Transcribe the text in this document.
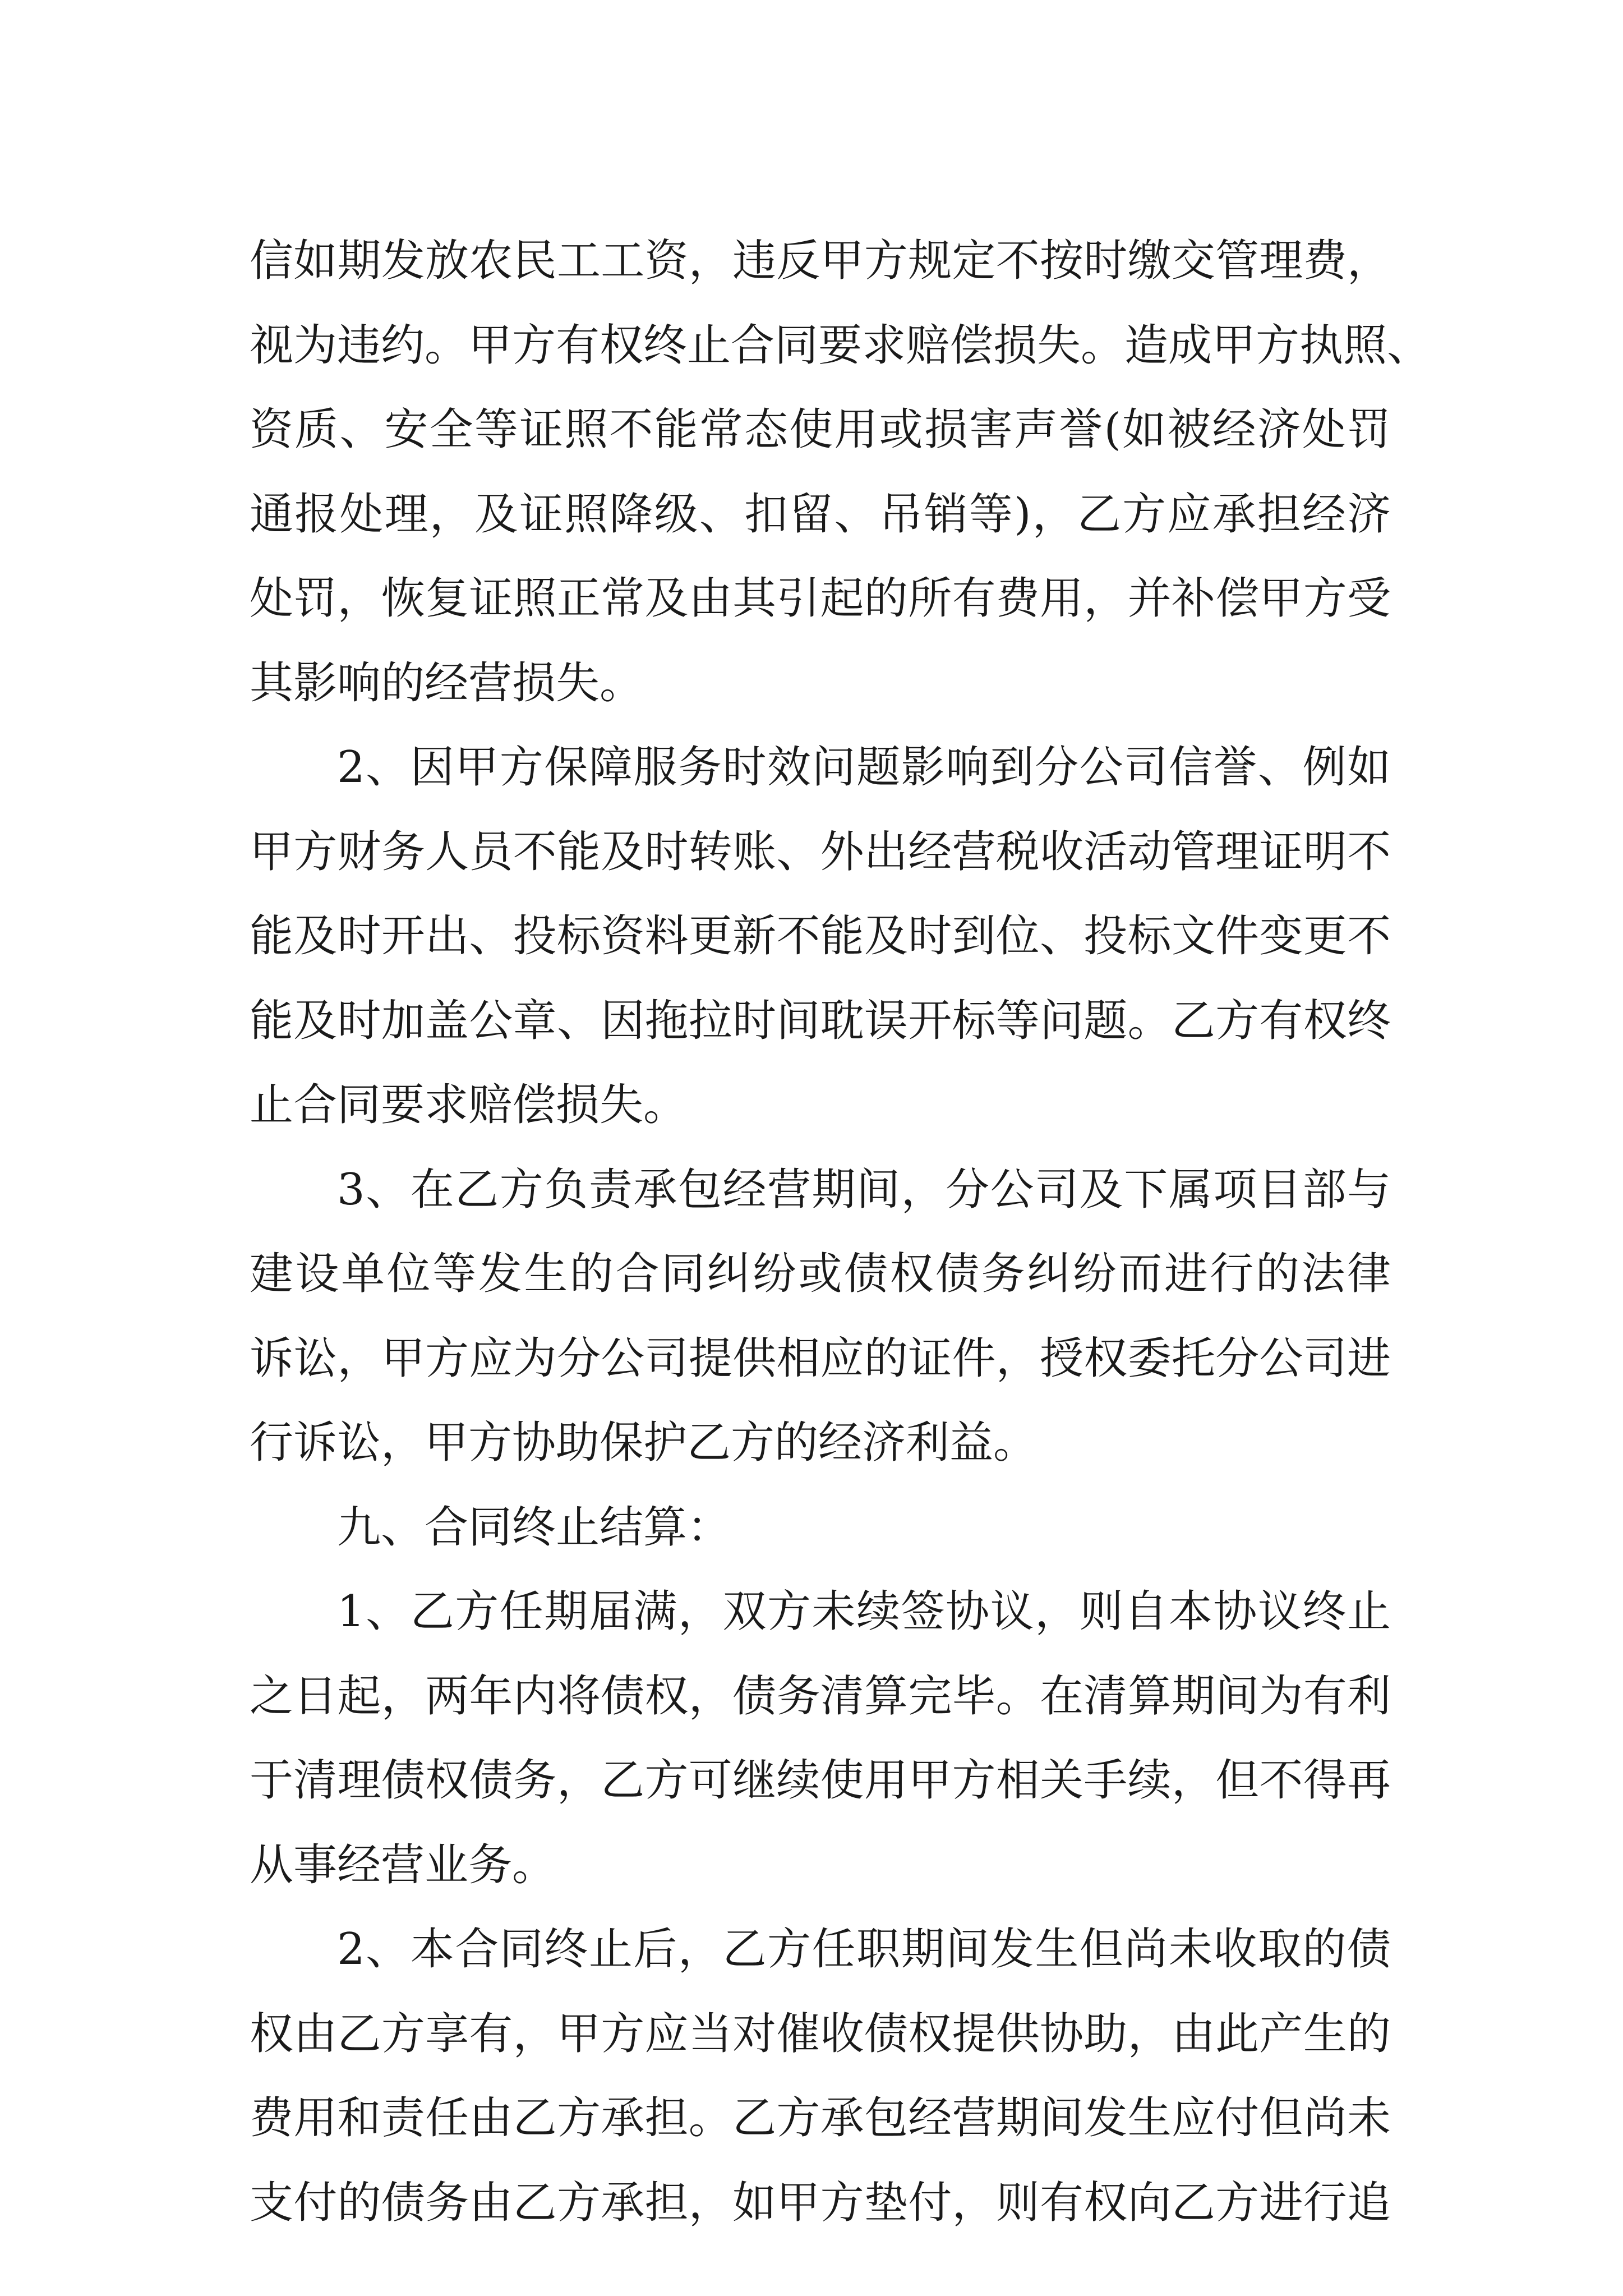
信如期发放农民工工资，违反甲方规定不按时缴交管理费，
视为违约。甲方有权终止合同要求赔偿损失。造成甲方执照、
资质、安全等证照不能常态使用或损害声誉(如被经济处罚
通报处理，及证照降级、扣留、吊销等)，乙方应承担经济
处罚，恢复证照正常及由其引起的所有费用，并补偿甲方受
其影响的经营损失。
2、因甲方保障服务时效问题影响到分公司信誉、例如
甲方财务人员不能及时转账、外出经营税收活动管理证明不
能及时开出、投标资料更新不能及时到位、投标文件变更不
能及时加盖公章、因拖拉时间耽误开标等问题。乙方有权终
止合同要求赔偿损失。
3、在乙方负责承包经营期间，分公司及下属项目部与
建设单位等发生的合同纠纷或债权债务纠纷而进行的法律
诉讼，甲方应为分公司提供相应的证件，授权委托分公司进
行诉讼，甲方协助保护乙方的经济利益。
九、合同终止结算：
1、乙方任期届满，双方未续签协议，则自本协议终止
之日起，两年内将债权，债务清算完毕。在清算期间为有利
于清理债权债务，乙方可继续使用甲方相关手续，但不得再
从事经营业务。
2、本合同终止后，乙方任职期间发生但尚未收取的债
权由乙方享有，甲方应当对催收债权提供协助，由此产生的
费用和责任由乙方承担。乙方承包经营期间发生应付但尚未
支付的债务由乙方承担，如甲方垫付，则有权向乙方进行追
